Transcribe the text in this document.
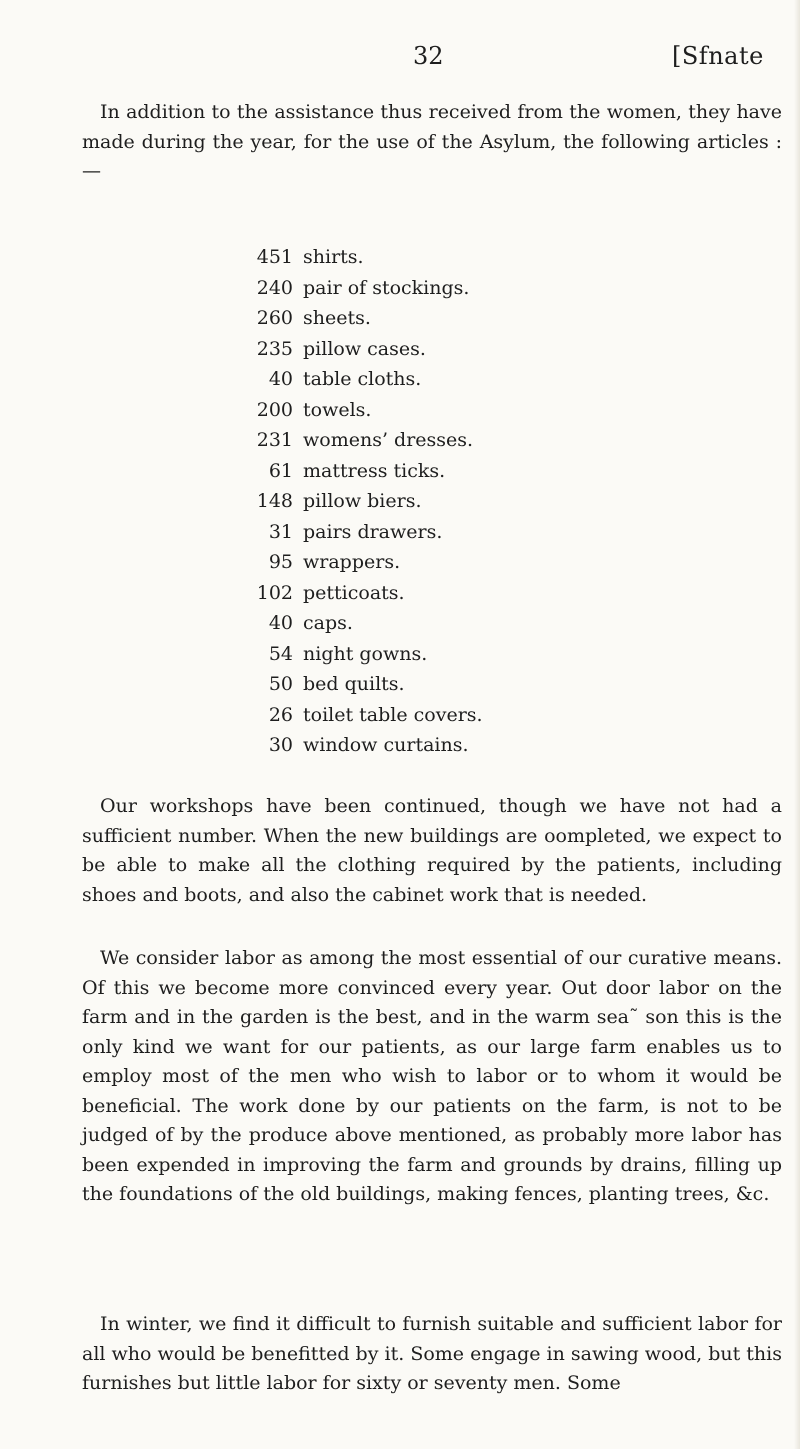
32	[Sfnate

In addition to the assistance thus received from the women, they have made during the year, for the use of the Asylum, the following articles :—

451 shirts.
240 pair of stockings.
260 sheets.
235 pillow cases.
40 table cloths.
200 towels.
231 womens’ dresses.
61 mattress ticks.
148 pillow biers.
31 pairs drawers.
95 wrappers.
102 petticoats.
40 caps.
54 night gowns.
50 bed quilts.
26 toilet table covers.
30 window curtains.

Our workshops have been continued, though we have not had a sufficient number. When the new buildings are oompleted, we expect to be able to make all the clothing required by the patients, including shoes and boots, and also the cabinet work that is needed.

We consider labor as among the most essential of our curative means. Of this we become more convinced every year. Out door labor on the farm and in the garden is the best, and in the warm sea˜ son this is the only kind we want for our patients, as our large farm enables us to employ most of the men who wish to labor or to whom it would be beneficial. The work done by our patients on the farm, is not to be judged of by the produce above mentioned, as probably more labor has been expended in improving the farm and grounds by drains, filling up the foundations of the old buildings, making fences, planting trees, &c.

In winter, we find it difficult to furnish suitable and sufficient labor for all who would be benefitted by it. Some engage in sawing wood, but this furnishes but little labor for sixty or seventy men. Some
